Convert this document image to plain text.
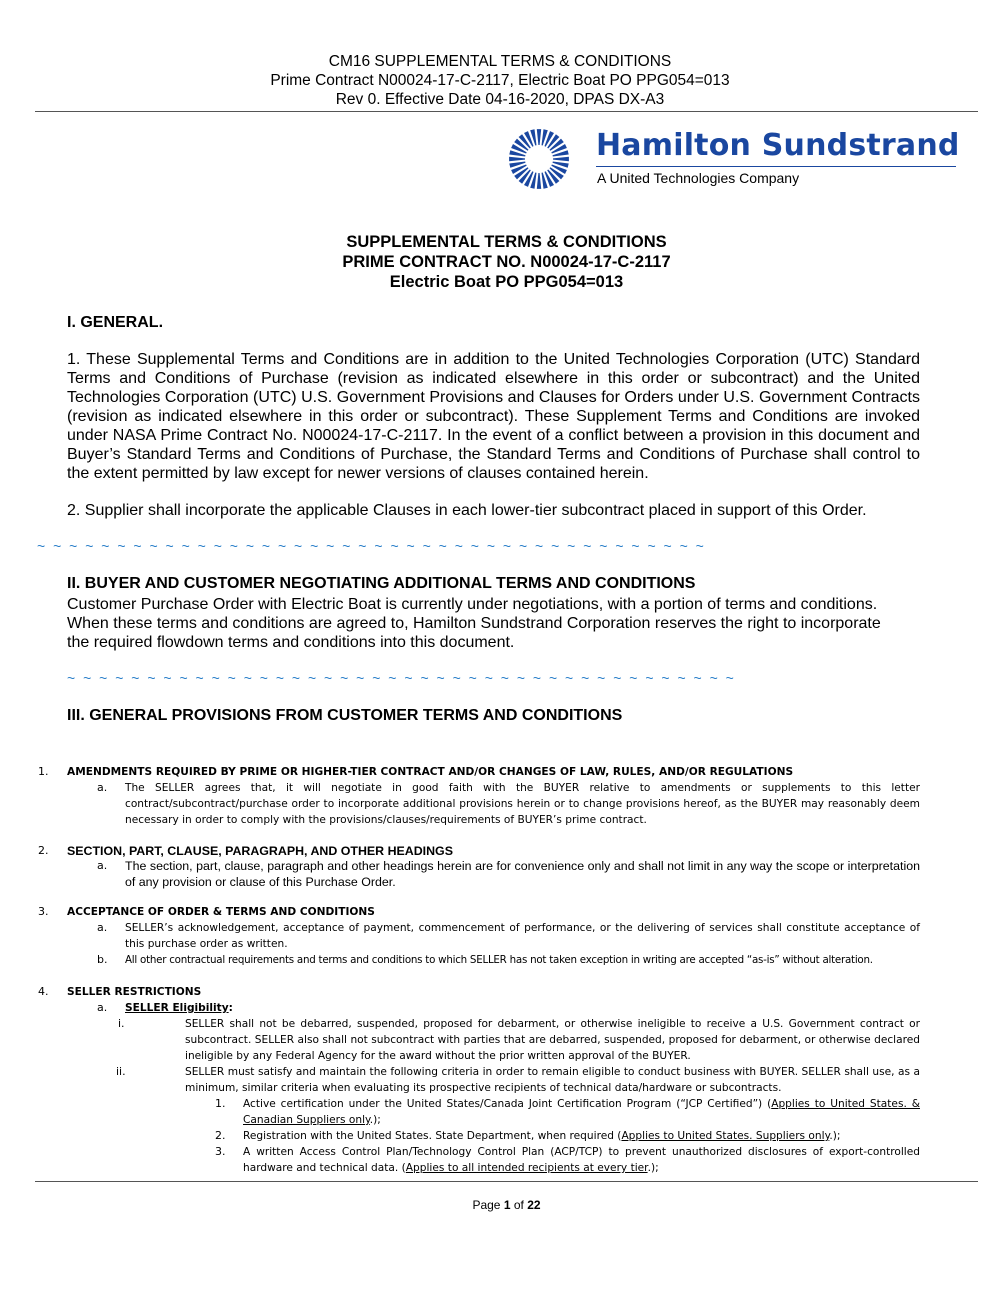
CM16 SUPPLEMENTAL TERMS & CONDITIONS
Prime Contract N00024-17-C-2117, Electric Boat PO PPG054=013
Rev 0. Effective Date 04-16-2020, DPAS DX-A3
Hamilton Sundstrand
A United Technologies Company
SUPPLEMENTAL TERMS & CONDITIONS
PRIME CONTRACT NO. N00024-17-C-2117
Electric Boat PO PPG054=013
I. GENERAL.
1. These Supplemental Terms and Conditions are in addition to the United Technologies Corporation (UTC) Standard Terms and Conditions of Purchase (revision as indicated elsewhere in this order or subcontract) and the United Technologies Corporation (UTC) U.S. Government Provisions and Clauses for Orders under U.S. Government Contracts (revision as indicated elsewhere in this order or subcontract). These Supplement Terms and Conditions are invoked under NASA Prime Contract No. N00024-17-C-2117. In the event of a conflict between a provision in this document and Buyer’s Standard Terms and Conditions of Purchase, the Standard Terms and Conditions of Purchase shall control to the extent permitted by law except for newer versions of clauses contained herein.
2. Supplier shall incorporate the applicable Clauses in each lower-tier subcontract placed in support of this Order.
~ ~ ~ ~ ~ ~ ~ ~ ~ ~ ~ ~ ~ ~ ~ ~ ~ ~ ~ ~ ~ ~ ~ ~ ~ ~ ~ ~ ~ ~ ~ ~ ~ ~ ~ ~ ~ ~ ~ ~ ~ ~
II. BUYER AND CUSTOMER NEGOTIATING ADDITIONAL TERMS AND CONDITIONS
Customer Purchase Order with Electric Boat is currently under negotiations, with a portion of terms and conditions. When these terms and conditions are agreed to, Hamilton Sundstrand Corporation reserves the right to incorporate the required flowdown terms and conditions into this document.
~ ~ ~ ~ ~ ~ ~ ~ ~ ~ ~ ~ ~ ~ ~ ~ ~ ~ ~ ~ ~ ~ ~ ~ ~ ~ ~ ~ ~ ~ ~ ~ ~ ~ ~ ~ ~ ~ ~ ~ ~ ~
III. GENERAL PROVISIONS FROM CUSTOMER TERMS AND CONDITIONS
1. AMENDMENTS REQUIRED BY PRIME OR HIGHER-TIER CONTRACT AND/OR CHANGES OF LAW, RULES, AND/OR REGULATIONS
a. The SELLER agrees that, it will negotiate in good faith with the BUYER relative to amendments or supplements to this letter contract/subcontract/purchase order to incorporate additional provisions herein or to change provisions hereof, as the BUYER may reasonably deem necessary in order to comply with the provisions/clauses/requirements of BUYER’s prime contract.
2. SECTION, PART, CLAUSE, PARAGRAPH, AND OTHER HEADINGS
a. The section, part, clause, paragraph and other headings herein are for convenience only and shall not limit in any way the scope or interpretation of any provision or clause of this Purchase Order.
3. ACCEPTANCE OF ORDER & TERMS AND CONDITIONS
a. SELLER’s acknowledgement, acceptance of payment, commencement of performance, or the delivering of services shall constitute acceptance of this purchase order as written.
b. All other contractual requirements and terms and conditions to which SELLER has not taken exception in writing are accepted “as-is” without alteration.
4. SELLER RESTRICTIONS
a. SELLER Eligibility:
i.	SELLER shall not be debarred, suspended, proposed for debarment, or otherwise ineligible to receive a U.S. Government contract or subcontract. SELLER also shall not subcontract with parties that are debarred, suspended, proposed for debarment, or otherwise declared ineligible by any Federal Agency for the award without the prior written approval of the BUYER.
ii.	SELLER must satisfy and maintain the following criteria in order to remain eligible to conduct business with BUYER. SELLER shall use, as a minimum, similar criteria when evaluating its prospective recipients of technical data/hardware or subcontracts.
1. Active certification under the United States/Canada Joint Certification Program (“JCP Certified”) (Applies to United States. & Canadian Suppliers only.);
2. Registration with the United States. State Department, when required (Applies to United States. Suppliers only.);
3. A written Access Control Plan/Technology Control Plan (ACP/TCP) to prevent unauthorized disclosures of export-controlled hardware and technical data. (Applies to all intended recipients at every tier.);
Page 1 of 22
